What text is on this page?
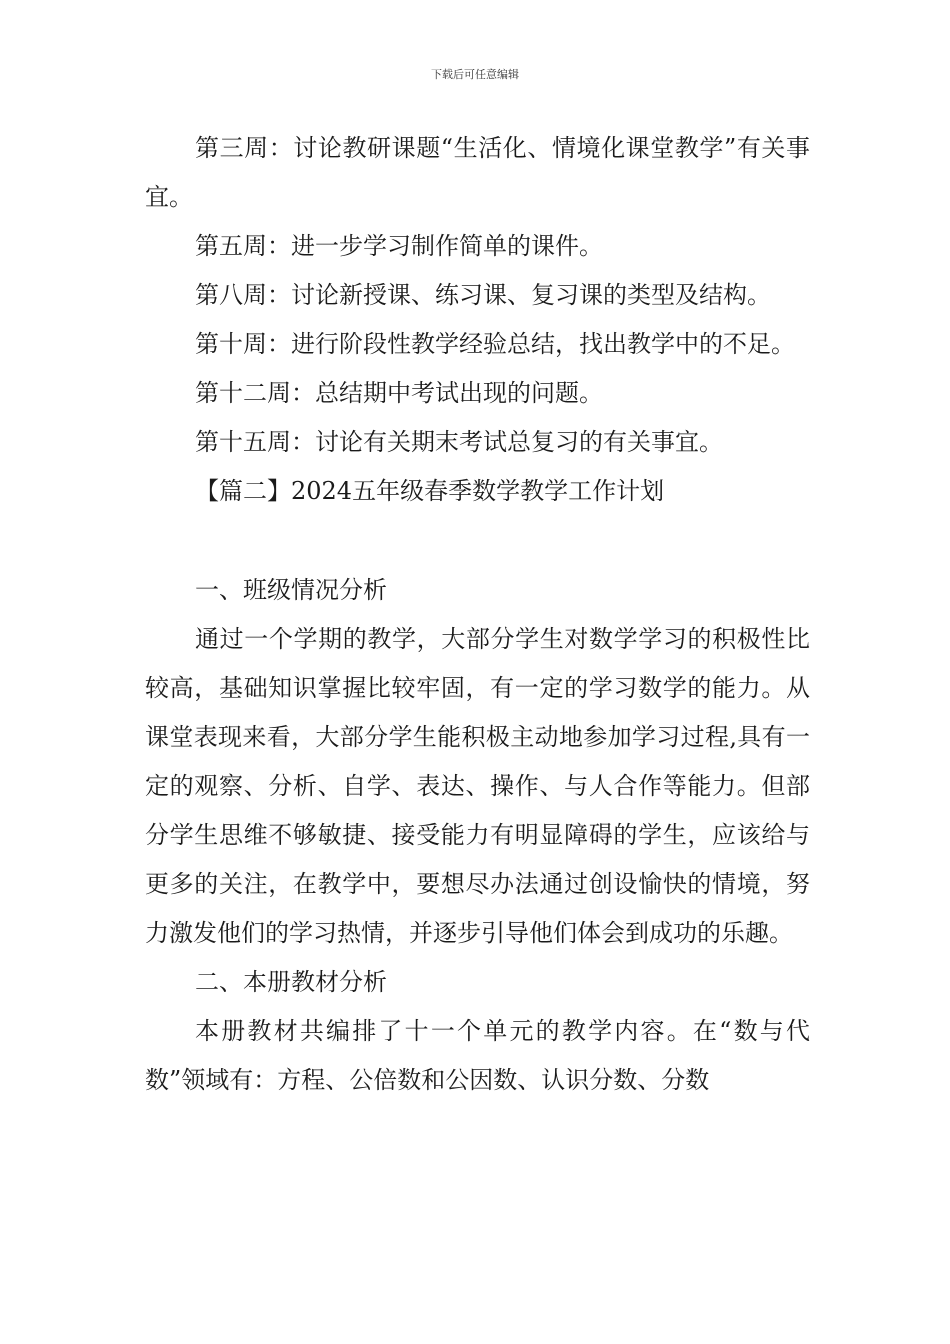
下载后可任意编辑

第三周：讨论教研课题“生活化、情境化课堂教学”有关事宜。

第五周：进一步学习制作简单的课件。

第八周：讨论新授课、练习课、复习课的类型及结构。

第十周：进行阶段性教学经验总结，找出教学中的不足。

第十二周：总结期中考试出现的问题。

第十五周：讨论有关期末考试总复习的有关事宜。

【篇二】2024五年级春季数学教学工作计划

一、班级情况分析

通过一个学期的教学，大部分学生对数学学习的积极性比较高，基础知识掌握比较牢固，有一定的学习数学的能力。从课堂表现来看，大部分学生能积极主动地参加学习过程,具有一定的观察、分析、自学、表达、操作、与人合作等能力。但部分学生思维不够敏捷、接受能力有明显障碍的学生，应该给与更多的关注，在教学中，要想尽办法通过创设愉快的情境，努力激发他们的学习热情，并逐步引导他们体会到成功的乐趣。

二、本册教材分析

本册教材共编排了十一个单元的教学内容。在“数与代数”领域有：方程、公倍数和公因数、认识分数、分数
